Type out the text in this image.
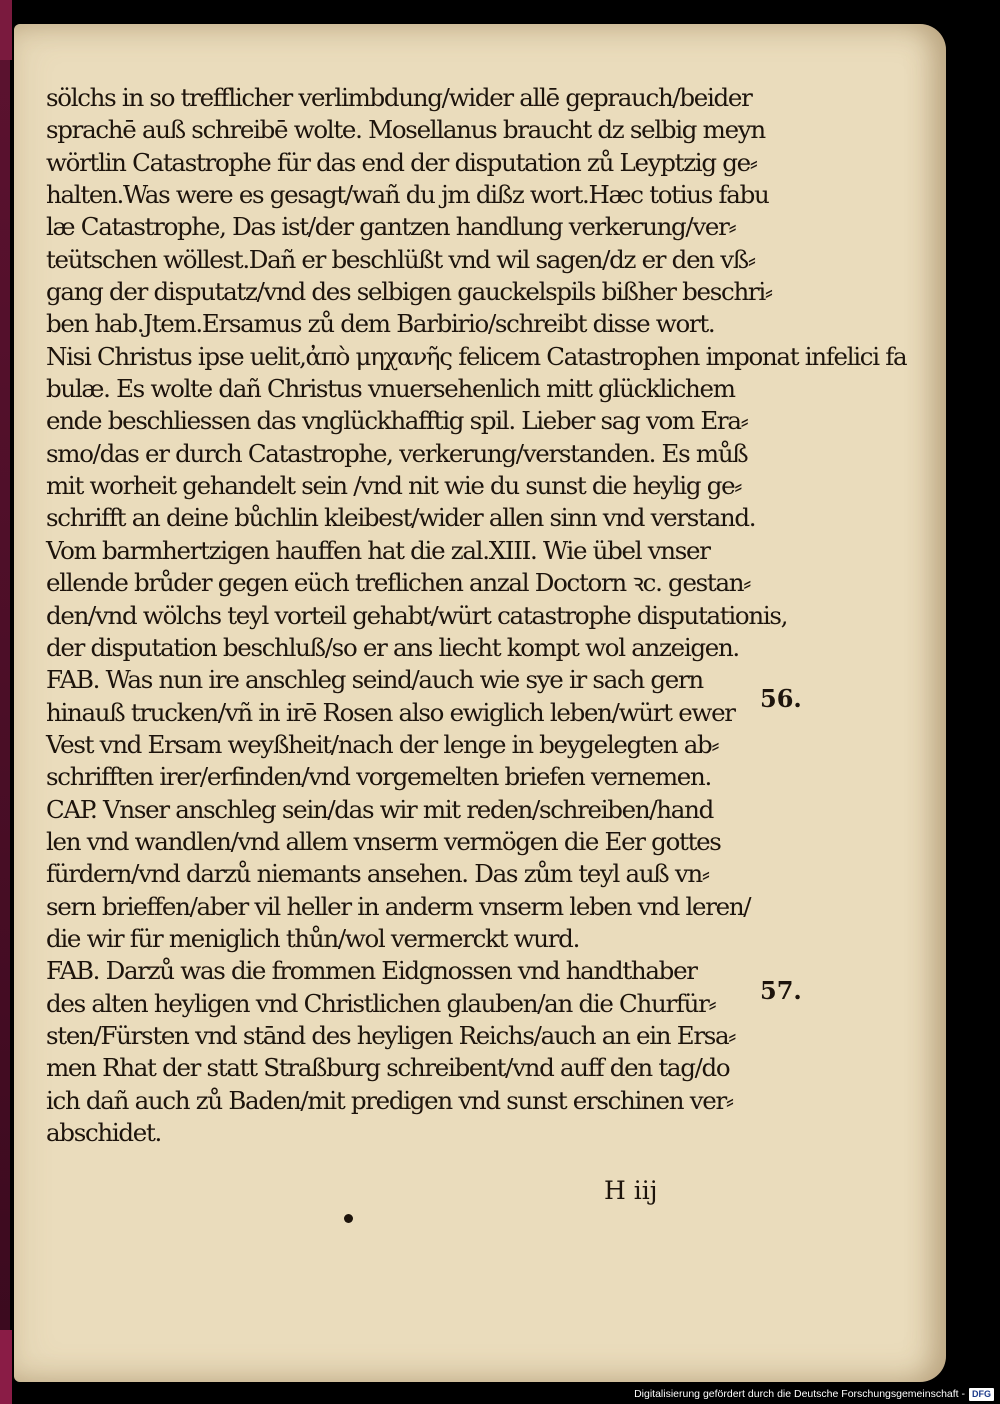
sölchs in so trefflicher verlimbdung/wider allē geprauch/beider
sprachē auß schreibē wolte. Mosellanus braucht dz selbig meyn
wörtlin Catastrophe für das end der disputation zů Leyptzig ge⸗
halten.Was were es gesagt/wañ du jm dißz wort.Hæc totius fabu
læ Catastrophe, Das ist/der gantzen handlung verkerung/ver⸗
teütschen wöllest.Dañ er beschlüßt vnd wil sagen/dz er den vß⸗
gang der disputatz/vnd des selbigen gauckelspils bißher beschri⸗
ben hab.Jtem.Ersamus zů dem Barbirio/schreibt disse wort.
Nisi Christus ipse uelit,ἀπὸ μηχανῆς felicem Catastrophen imponat infelici fa
bulæ. Es wolte dañ Christus vnuersehenlich mitt glücklichem
ende beschliessen das vnglückhafftig spil. Lieber sag vom Era⸗
smo/das er durch Catastrophe, verkerung/verstanden. Es můß
mit worheit gehandelt sein /vnd nit wie du sunst die heylig ge⸗
schrifft an deine bůchlin kleibest/wider allen sinn vnd verstand.
Vom barmhertzigen hauffen hat die zal.XIII. Wie übel vnser
ellende brůder gegen eüch treflichen anzal Doctorn ꝛc. gestan⸗
den/vnd wölchs teyl vorteil gehabt/würt catastrophe disputationis,
der disputation beschluß/so er ans liecht kompt wol anzeigen.
FAB. Was nun ire anschleg seind/auch wie sye ir sach gern
hinauß trucken/vñ in irē Rosen also ewiglich leben/würt ewer
Vest vnd Ersam weyßheit/nach der lenge in beygelegten ab⸗
schrifften irer/erfinden/vnd vorgemelten briefen vernemen.
CAP. Vnser anschleg sein/das wir mit reden/schreiben/hand
len vnd wandlen/vnd allem vnserm vermögen die Eer gottes
fürdern/vnd darzů niemants ansehen. Das zům teyl auß vn⸗
sern brieffen/aber vil heller in anderm vnserm leben vnd leren/
die wir für meniglich thůn/wol vermerckt wurd.
FAB. Darzů was die frommen Eidgnossen vnd handthaber
des alten heyligen vnd Christlichen glauben/an die Churfür⸗
sten/Fürsten vnd stānd des heyligen Reichs/auch an ein Ersa⸗
men Rhat der statt Straßburg schreibent/vnd auff den tag/do
ich dañ auch zů Baden/mit predigen vnd sunst erschinen ver⸗
abschidet.
56.
57.
H iij
Digitalisierung gefördert durch die Deutsche Forschungsgemeinschaft - DFG
